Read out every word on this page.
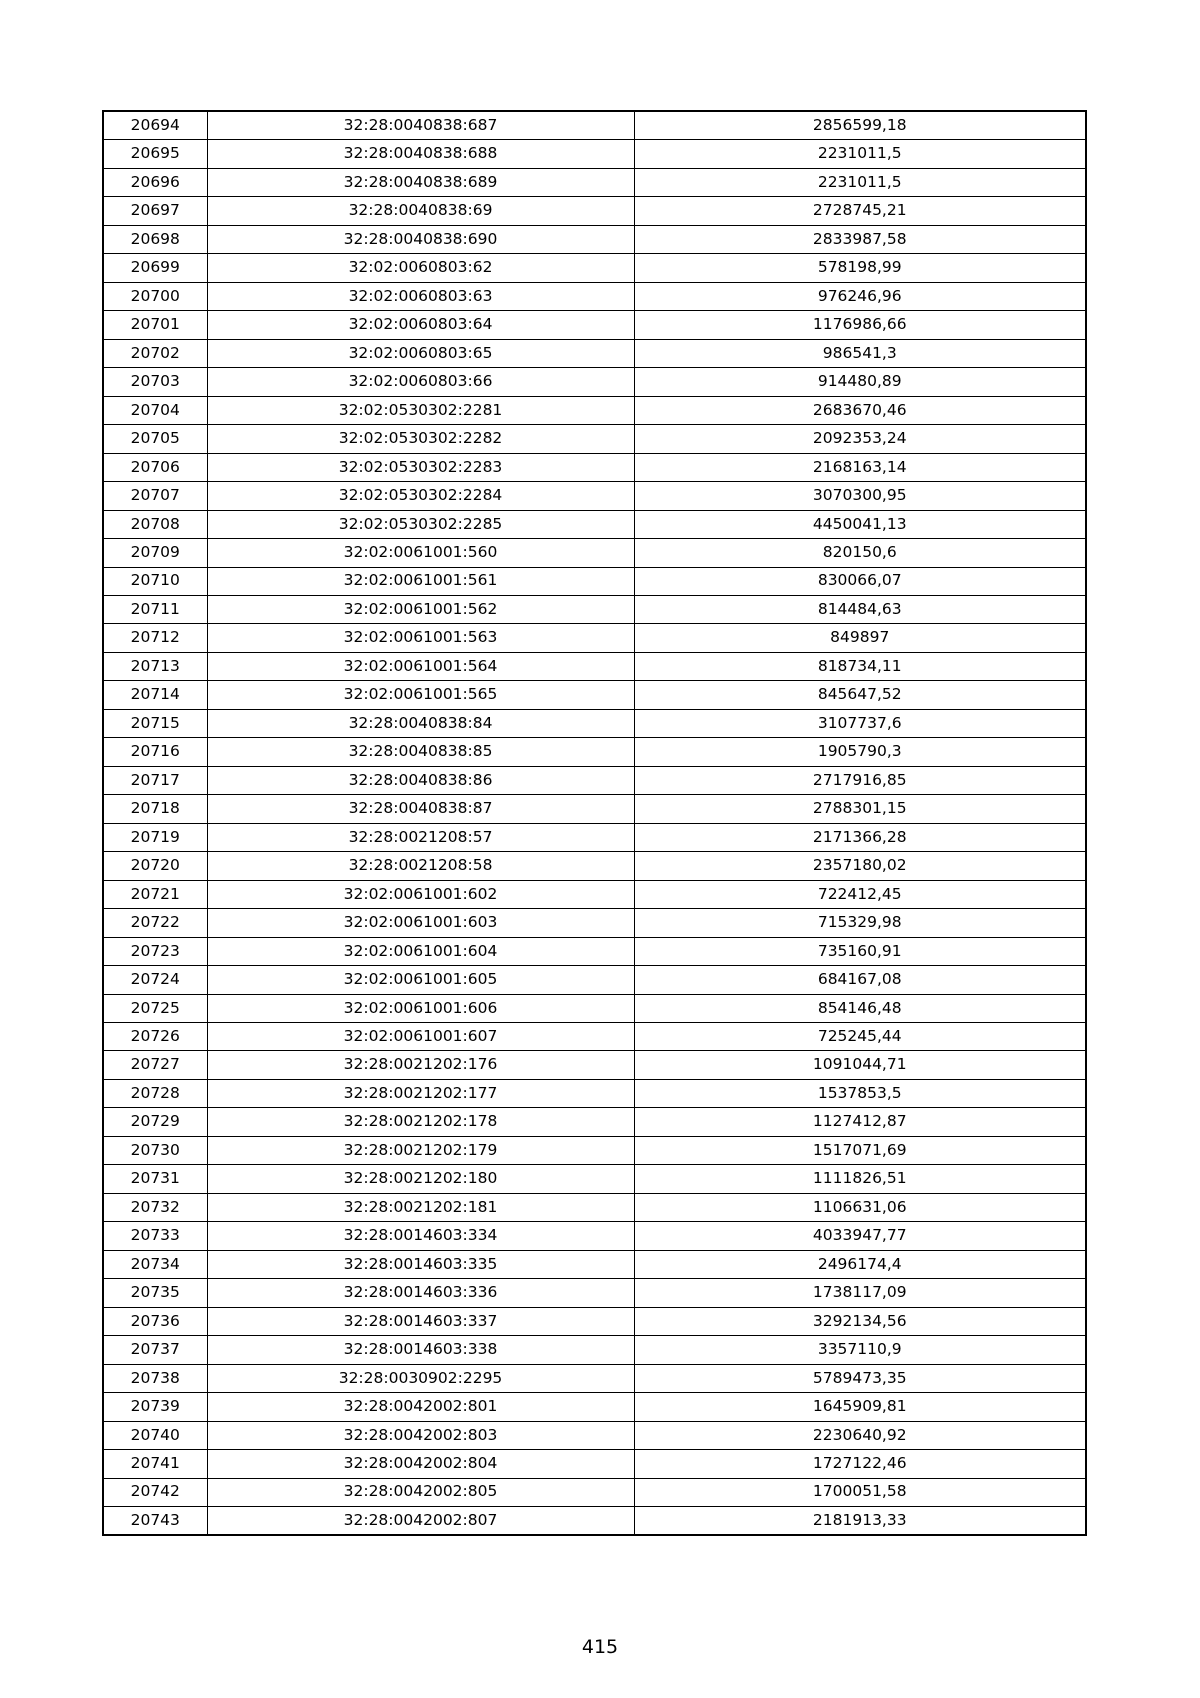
20694	32:28:0040838:687	2856599,18
20695	32:28:0040838:688	2231011,5
20696	32:28:0040838:689	2231011,5
20697	32:28:0040838:69	2728745,21
20698	32:28:0040838:690	2833987,58
20699	32:02:0060803:62	578198,99
20700	32:02:0060803:63	976246,96
20701	32:02:0060803:64	1176986,66
20702	32:02:0060803:65	986541,3
20703	32:02:0060803:66	914480,89
20704	32:02:0530302:2281	2683670,46
20705	32:02:0530302:2282	2092353,24
20706	32:02:0530302:2283	2168163,14
20707	32:02:0530302:2284	3070300,95
20708	32:02:0530302:2285	4450041,13
20709	32:02:0061001:560	820150,6
20710	32:02:0061001:561	830066,07
20711	32:02:0061001:562	814484,63
20712	32:02:0061001:563	849897
20713	32:02:0061001:564	818734,11
20714	32:02:0061001:565	845647,52
20715	32:28:0040838:84	3107737,6
20716	32:28:0040838:85	1905790,3
20717	32:28:0040838:86	2717916,85
20718	32:28:0040838:87	2788301,15
20719	32:28:0021208:57	2171366,28
20720	32:28:0021208:58	2357180,02
20721	32:02:0061001:602	722412,45
20722	32:02:0061001:603	715329,98
20723	32:02:0061001:604	735160,91
20724	32:02:0061001:605	684167,08
20725	32:02:0061001:606	854146,48
20726	32:02:0061001:607	725245,44
20727	32:28:0021202:176	1091044,71
20728	32:28:0021202:177	1537853,5
20729	32:28:0021202:178	1127412,87
20730	32:28:0021202:179	1517071,69
20731	32:28:0021202:180	1111826,51
20732	32:28:0021202:181	1106631,06
20733	32:28:0014603:334	4033947,77
20734	32:28:0014603:335	2496174,4
20735	32:28:0014603:336	1738117,09
20736	32:28:0014603:337	3292134,56
20737	32:28:0014603:338	3357110,9
20738	32:28:0030902:2295	5789473,35
20739	32:28:0042002:801	1645909,81
20740	32:28:0042002:803	2230640,92
20741	32:28:0042002:804	1727122,46
20742	32:28:0042002:805	1700051,58
20743	32:28:0042002:807	2181913,33
415
